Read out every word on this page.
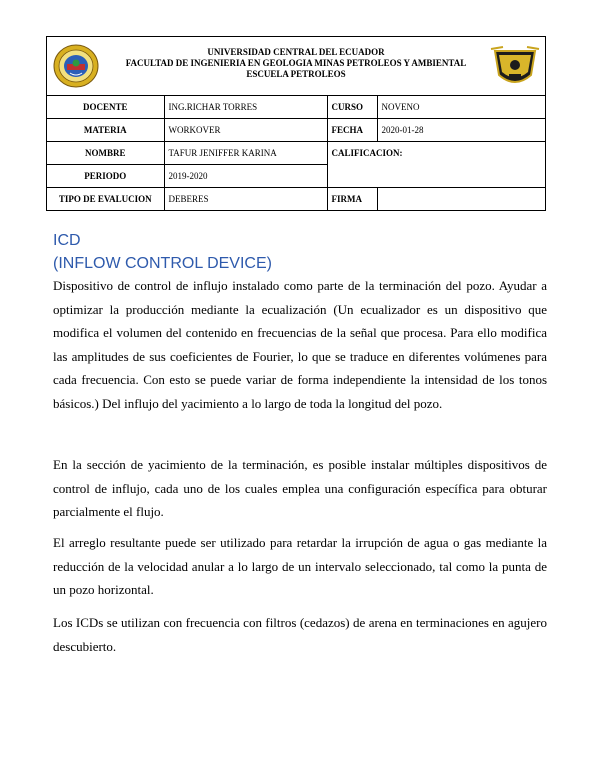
UNIVERSIDAD CENTRAL DEL ECUADOR
FACULTAD DE INGENIERIA EN GEOLOGIA MINAS PETROLEOS Y AMBIENTAL
ESCUELA PETROLEOS
DOCENTE	ING.RICHAR TORRES	CURSO	NOVENO
MATERIA	WORKOVER	FECHA	2020-01-28
NOMBRE	TAFUR JENIFFER KARINA	CALIFICACION:	
PERIODO	2019-2020		
TIPO DE EVALUCION	DEBERES	FIRMA	
ICD
(INFLOW CONTROL DEVICE)

Dispositivo de control de influjo instalado como parte de la terminación del pozo. Ayudar a optimizar la producción mediante la ecualización (Un ecualizador es un dispositivo que modifica el volumen del contenido en frecuencias de la señal que procesa. Para ello modifica las amplitudes de sus coeficientes de Fourier, lo que se traduce en diferentes volúmenes para cada frecuencia. Con esto se puede variar de forma independiente la intensidad de los tonos básicos.) Del influjo del yacimiento a lo largo de toda la longitud del pozo.

En la sección de yacimiento de la terminación, es posible instalar múltiples dispositivos de control de influjo, cada uno de los cuales emplea una configuración específica para obturar parcialmente el flujo.

El arreglo resultante puede ser utilizado para retardar la irrupción de agua o gas mediante la reducción de la velocidad anular a lo largo de un intervalo seleccionado, tal como la punta de un pozo horizontal.

Los ICDs se utilizan con frecuencia con filtros (cedazos) de arena en terminaciones en agujero descubierto.
